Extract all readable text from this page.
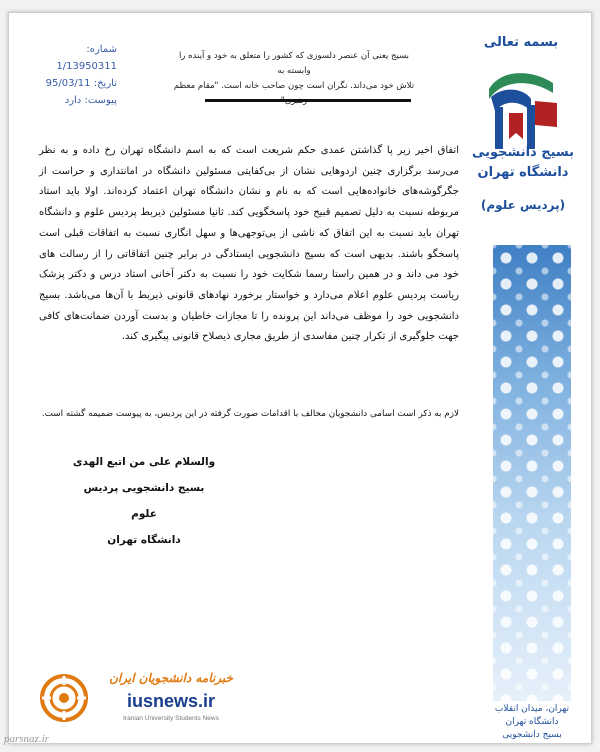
شماره: 1/13950311
تاریخ: 95/03/11
پیوست: دارد
بسیج یعنی آن عنصر دلسوزی که کشور را متعلق به خود و آینده را وابسته به
تلاش خود می‌داند. نگران است چون صاحب خانه است. "مقام معظم
بسمه تعالی
بسیج دانشجویی
دانشگاه تهران
(پردیس علوم)
تهران، میدان انقلاب
دانشگاه تهران
بسیج دانشجویی
اتفاق اخیر زیر پا گذاشتن عمدی حکم شریعت است که به اسم دانشگاه تهران رخ داده و به نظر می‌رسد برگزاری چنین اردوهایی نشان از بی‌کفایتی مسئولین دانشگاه در امانتداری و حراست از جگرگوشه‌های خانواده‌هایی است که به نام و نشان دانشگاه تهران اعتماد کرده‌اند. اولا باید استاد مربوطه نسبت به دلیل تصمیم قبیح خود پاسخگویی کند. ثانیا مسئولین ذیربط پردیس علوم و دانشگاه تهران باید نسبت به این اتفاق که ناشی از بی‌توجهی‌ها و سهل انگاری نسبت به اتفاقات قبلی است پاسخگو باشند. بدیهی است که بسیج دانشجویی ایستادگی در برابر چنین اتفاقاتی را از رسالت های خود می داند و در همین راستا رسما شکایت خود را نسبت به دکتر آخانی استاد درس و دکتر پزشک ریاست پردیس علوم اعلام می‌دارد و خواستار برخورد نهادهای قانونی ذیربط با آن‌ها می‌باشد. بسیج دانشجویی خود را موظف می‌داند این پرونده را تا مجازات خاطیان و بدست آوردن ضمانت‌های کافی جهت جلوگیری از تکرار چنین مفاسدی از طریق مجاری ذیصلاح قانونی پیگیری کند.
لازم به ذکر است اسامی دانشجویان مخالف با اقدامات صورت گرفته در این پردیس، به پیوست ضمیمه گشته است.
والسلام علی من اتبع الهدی
بسیج دانشجویی پردیس علوم
دانشگاه تهران
خبرنامه دانشجویان ایران
iusnews.ir
Iranian University Students News
parsnaz.ir
